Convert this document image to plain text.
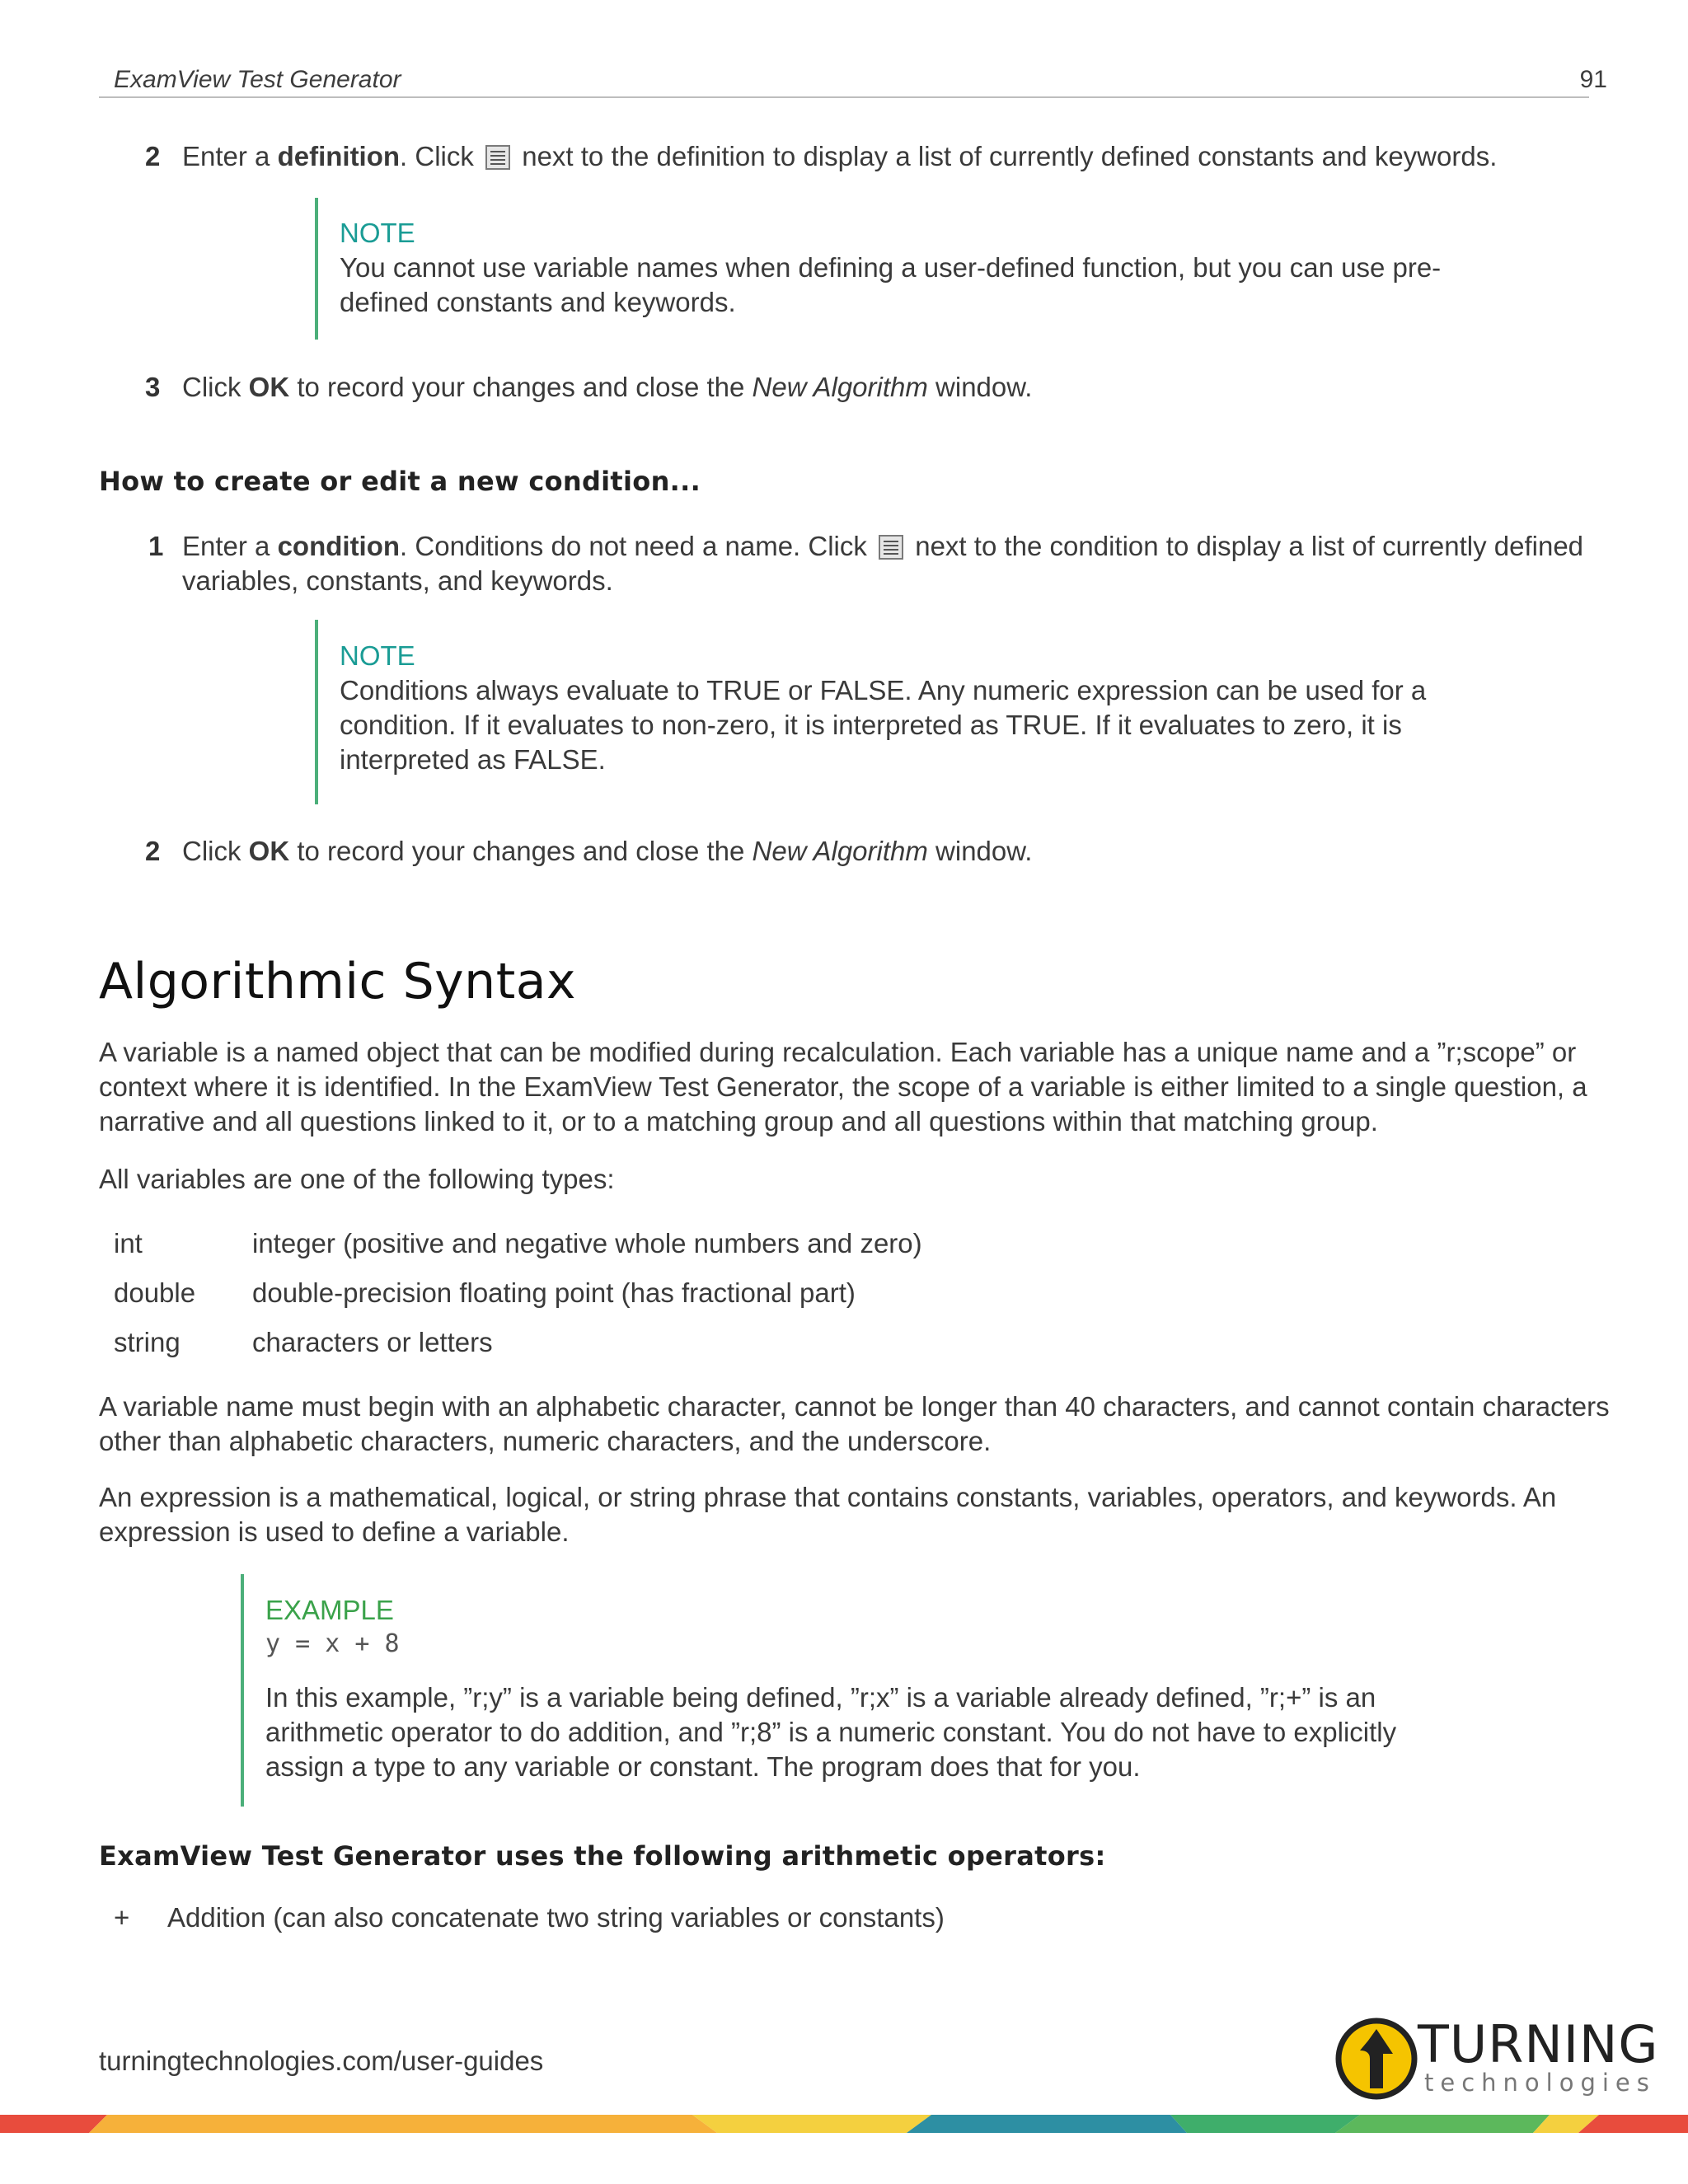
ExamView Test Generator	91
2 Enter a definition. Click  next to the definition to display a list of currently defined constants and keywords.
NOTE
You cannot use variable names when defining a user-defined function, but you can use pre-
defined constants and keywords.
3 Click OK to record your changes and close the New Algorithm window.
How to create or edit a new condition...
1 Enter a condition. Conditions do not need a name. Click  next to the condition to display a list of currently defined
variables, constants, and keywords.
NOTE
Conditions always evaluate to TRUE or FALSE. Any numeric expression can be used for a
condition. If it evaluates to non-zero, it is interpreted as TRUE. If it evaluates to zero, it is
interpreted as FALSE.
2 Click OK to record your changes and close the New Algorithm window.
Algorithmic Syntax
A variable is a named object that can be modified during recalculation. Each variable has a unique name and a ”r;scope” or
context where it is identified. In the ExamView Test Generator, the scope of a variable is either limited to a single question, a
narrative and all questions linked to it, or to a matching group and all questions within that matching group.
All variables are one of the following types:
int	integer (positive and negative whole numbers and zero)
double double-precision floating point (has fractional part)
string	characters or letters
A variable name must begin with an alphabetic character, cannot be longer than 40 characters, and cannot contain characters
other than alphabetic characters, numeric characters, and the underscore.
An expression is a mathematical, logical, or string phrase that contains constants, variables, operators, and keywords. An
expression is used to define a variable.
EXAMPLE
y = x + 8
In this example, ”r;y” is a variable being defined, ”r;x” is a variable already defined, ”r;+” is an
arithmetic operator to do addition, and ”r;8” is a numeric constant. You do not have to explicitly
assign a type to any variable or constant. The program does that for you.
ExamView Test Generator uses the following arithmetic operators:
+ Addition (can also concatenate two string variables or constants)
turningtechnologies.com/user-guides	TURNING
technologies
